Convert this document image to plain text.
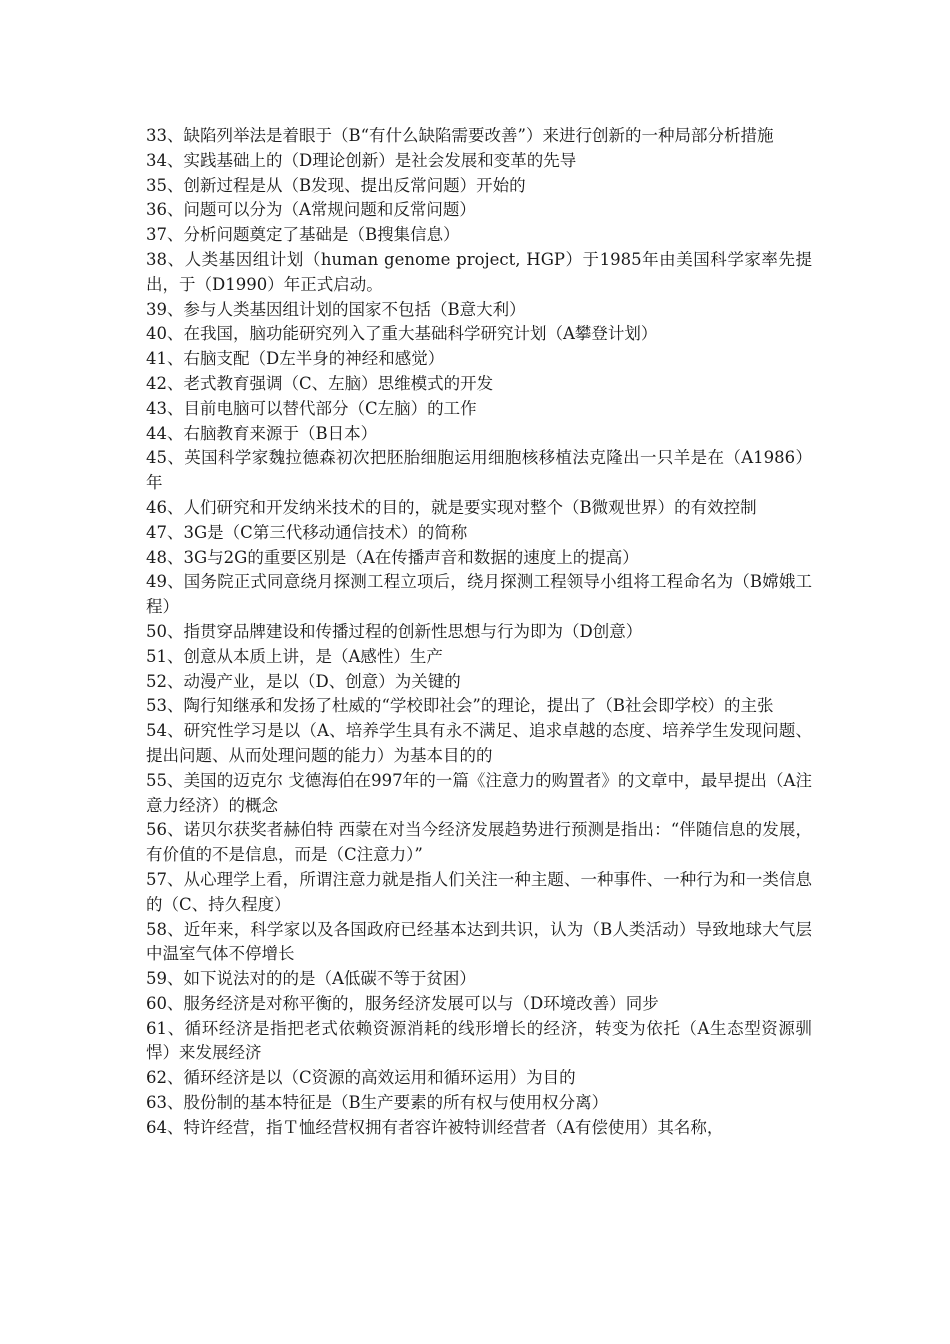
33、缺陷列举法是着眼于（B“有什么缺陷需要改善”）来进行创新的一种局部分析措施

34、实践基础上的（D理论创新）是社会发展和变革的先导

35、创新过程是从（B发现、提出反常问题）开始的

36、问题可以分为（A常规问题和反常问题）

37、分析问题奠定了基础是（B搜集信息）

38、人类基因组计划（human genome project, HGP）于1985年由美国科学家率先提出，于（D1990）年正式启动。

39、参与人类基因组计划的国家不包括（B意大利）

40、在我国，脑功能研究列入了重大基础科学研究计划（A攀登计划）

41、右脑支配（D左半身的神经和感觉）

42、老式教育强调（C、左脑）思维模式的开发

43、目前电脑可以替代部分（C左脑）的工作

44、右脑教育来源于（B日本）

45、英国科学家魏拉德森初次把胚胎细胞运用细胞核移植法克隆出一只羊是在（A1986）年

46、人们研究和开发纳米技术的目的，就是要实现对整个（B微观世界）的有效控制

47、3G是（C第三代移动通信技术）的简称

48、3G与2G的重要区别是（A在传播声音和数据的速度上的提高）

49、国务院正式同意绕月探测工程立项后，绕月探测工程领导小组将工程命名为（B嫦娥工程）

50、指贯穿品牌建设和传播过程的创新性思想与行为即为（D创意）

51、创意从本质上讲，是（A感性）生产

52、动漫产业，是以（D、创意）为关键的

53、陶行知继承和发扬了杜威的“学校即社会”的理论，提出了（B社会即学校）的主张

54、研究性学习是以（A、培养学生具有永不满足、追求卓越的态度、培养学生发现问题、提出问题、从而处理问题的能力）为基本目的的

55、美国的迈克尔 戈德海伯在997年的一篇《注意力的购置者》的文章中，最早提出（A注意力经济）的概念

56、诺贝尔获奖者赫伯特 西蒙在对当今经济发展趋势进行预测是指出：“伴随信息的发展，有价值的不是信息，而是（C注意力）”

57、从心理学上看，所谓注意力就是指人们关注一种主题、一种事件、一种行为和一类信息的（C、持久程度）

58、近年来，科学家以及各国政府已经基本达到共识，认为（B人类活动）导致地球大气层中温室气体不停增长

59、如下说法对的的是（A低碳不等于贫困）

60、服务经济是对称平衡的，服务经济发展可以与（D环境改善）同步

61、循环经济是指把老式依赖资源消耗的线形增长的经济，转变为依托（A生态型资源驯悍）来发展经济

62、循环经济是以（C资源的高效运用和循环运用）为目的

63、股份制的基本特征是（B生产要素的所有权与使用权分离）

64、特许经营，指Ｔ恤经营权拥有者容许被特训经营者（A有偿使用）其名称，
